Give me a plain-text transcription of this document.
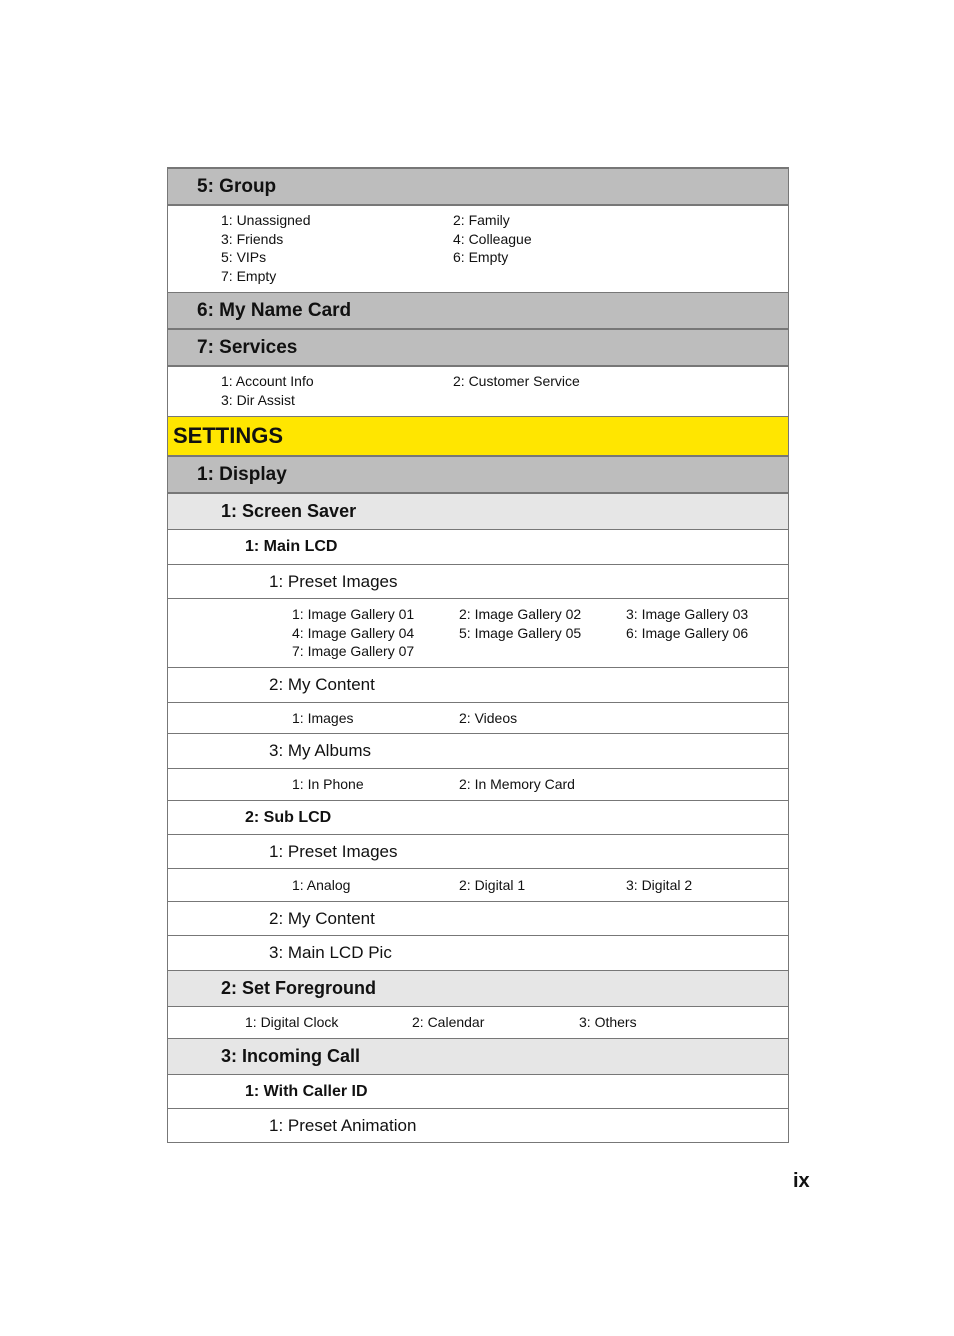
5: Group
1: Unassigned	2: Family
3: Friends	4: Colleague
5: VIPs	6: Empty
7: Empty
6: My Name Card
7: Services
1: Account Info	2: Customer Service
3: Dir Assist
SETTINGS
1: Display
1: Screen Saver
1: Main LCD
1: Preset Images
1: Image Gallery 01	2: Image Gallery 02	3: Image Gallery 03
4: Image Gallery 04	5: Image Gallery 05	6: Image Gallery 06
7: Image Gallery 07
2: My Content
1: Images	2: Videos
3: My Albums
1: In Phone	2: In Memory Card
2: Sub LCD
1: Preset Images
1: Analog	2: Digital 1	3: Digital 2
2: My Content
3: Main LCD Pic
2: Set Foreground
1: Digital Clock	2: Calendar	3: Others
3: Incoming Call
1: With Caller ID
1: Preset Animation
ix
